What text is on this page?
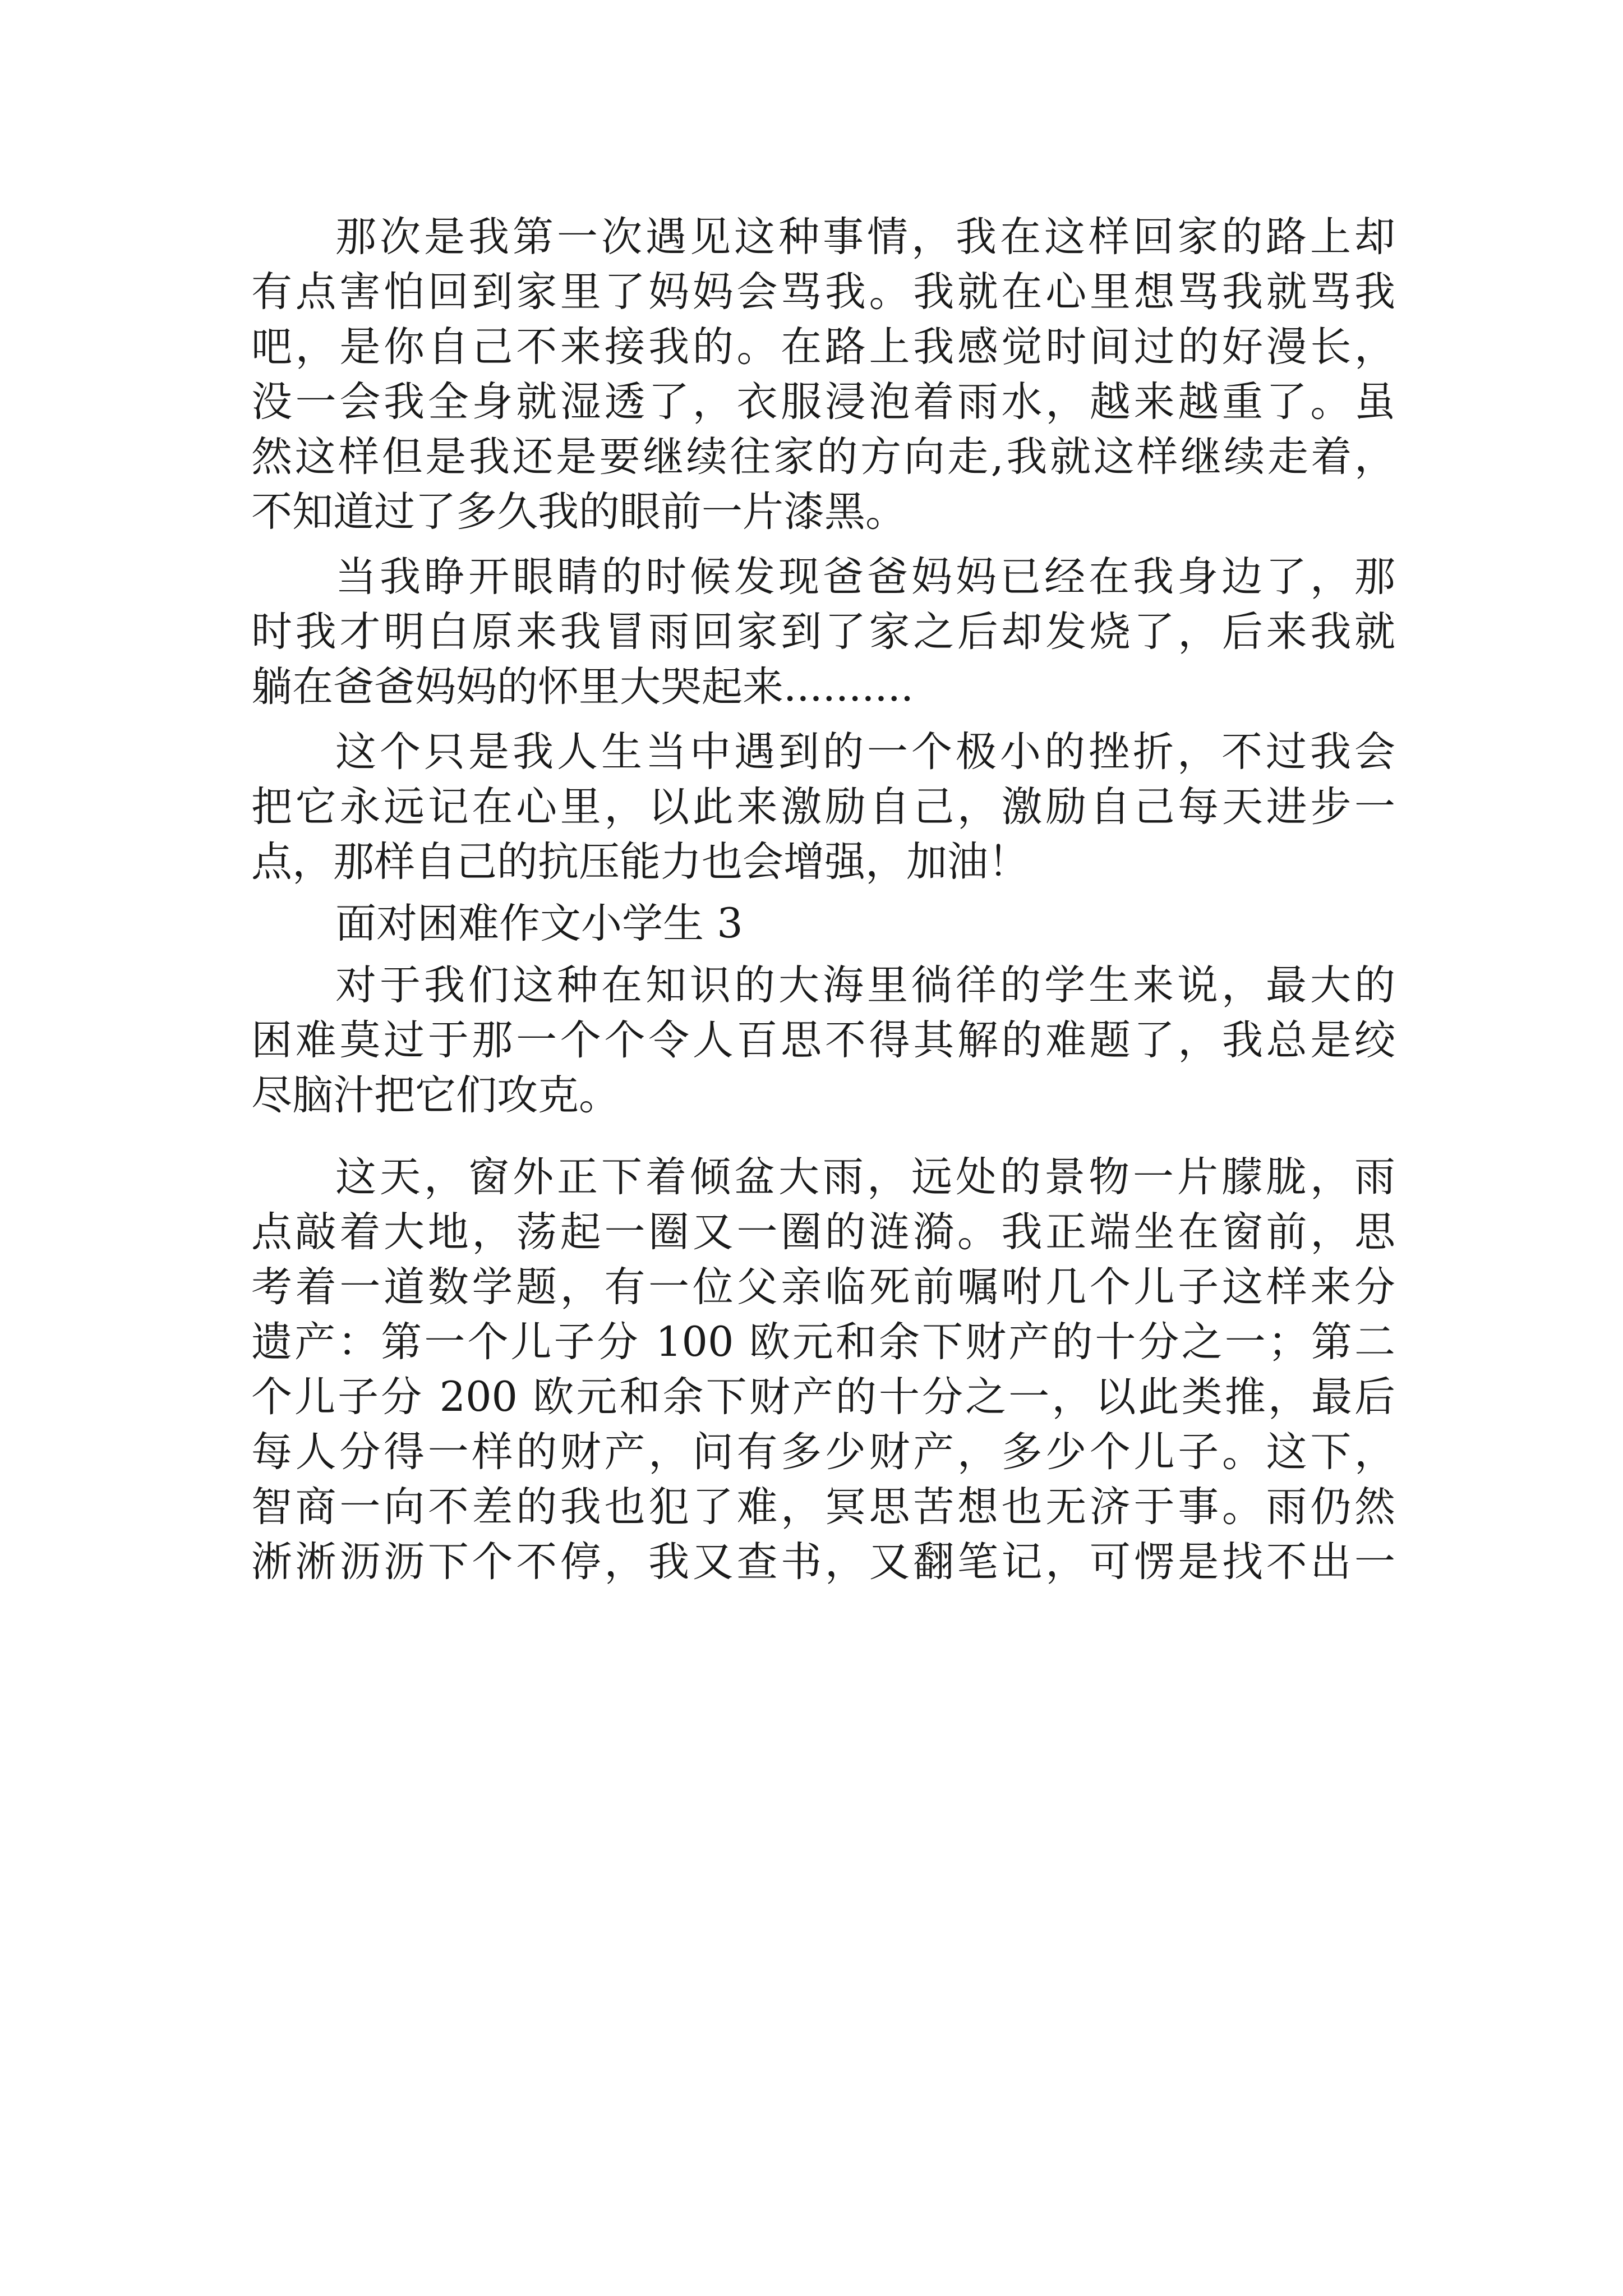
那次是我第一次遇见这种事情，我在这样回家的路上却
有点害怕回到家里了妈妈会骂我。我就在心里想骂我就骂我
吧，是你自己不来接我的。在路上我感觉时间过的好漫长，
没一会我全身就湿透了，衣服浸泡着雨水，越来越重了。虽
然这样但是我还是要继续往家的方向走,我就这样继续走着，
不知道过了多久我的眼前一片漆黑。
当我睁开眼睛的时候发现爸爸妈妈已经在我身边了，那
时我才明白原来我冒雨回家到了家之后却发烧了，后来我就
躺在爸爸妈妈的怀里大哭起来..........
这个只是我人生当中遇到的一个极小的挫折，不过我会
把它永远记在心里，以此来激励自己，激励自己每天进步一
点，那样自己的抗压能力也会增强，加油！
面对困难作文小学生 3
对于我们这种在知识的大海里徜徉的学生来说，最大的
困难莫过于那一个个令人百思不得其解的难题了，我总是绞
尽脑汁把它们攻克。
这天，窗外正下着倾盆大雨，远处的景物一片朦胧，雨
点敲着大地，荡起一圈又一圈的涟漪。我正端坐在窗前，思
考着一道数学题，有一位父亲临死前嘱咐几个儿子这样来分
遗产：第一个儿子分 100 欧元和余下财产的十分之一；第二
个儿子分 200 欧元和余下财产的十分之一，以此类推，最后
每人分得一样的财产，问有多少财产，多少个儿子。这下，
智商一向不差的我也犯了难，冥思苦想也无济于事。雨仍然
淅淅沥沥下个不停，我又查书，又翻笔记，可愣是找不出一
